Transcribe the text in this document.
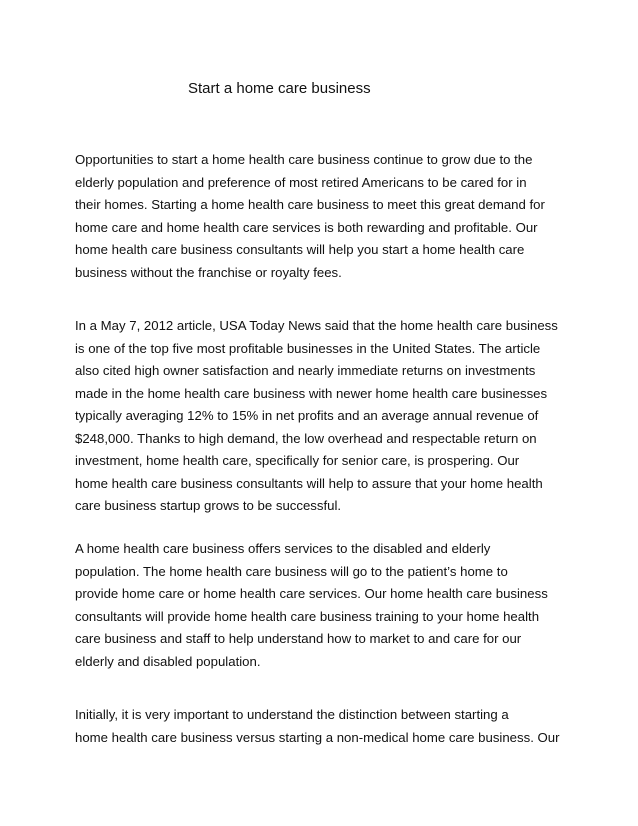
Start a home care business

Opportunities to start a home health care business continue to grow due to the
elderly population and preference of most retired Americans to be cared for in
their homes. Starting a home health care business to meet this great demand for
home care and home health care services is both rewarding and profitable. Our
home health care business consultants will help you start a home health care
business without the franchise or royalty fees.

In a May 7, 2012 article, USA Today News said that the home health care business
is one of the top five most profitable businesses in the United States. The article
also cited high owner satisfaction and nearly immediate returns on investments
made in the home health care business with newer home health care businesses
typically averaging 12% to 15% in net profits and an average annual revenue of
$248,000. Thanks to high demand, the low overhead and respectable return on
investment, home health care, specifically for senior care, is prospering. Our
home health care business consultants will help to assure that your home health
care business startup grows to be successful.

A home health care business offers services to the disabled and elderly
population. The home health care business will go to the patient’s home to
provide home care or home health care services. Our home health care business
consultants will provide home health care business training to your home health
care business and staff to help understand how to market to and care for our
elderly and disabled population.

Initially, it is very important to understand the distinction between starting a
home health care business versus starting a non-medical home care business. Our
